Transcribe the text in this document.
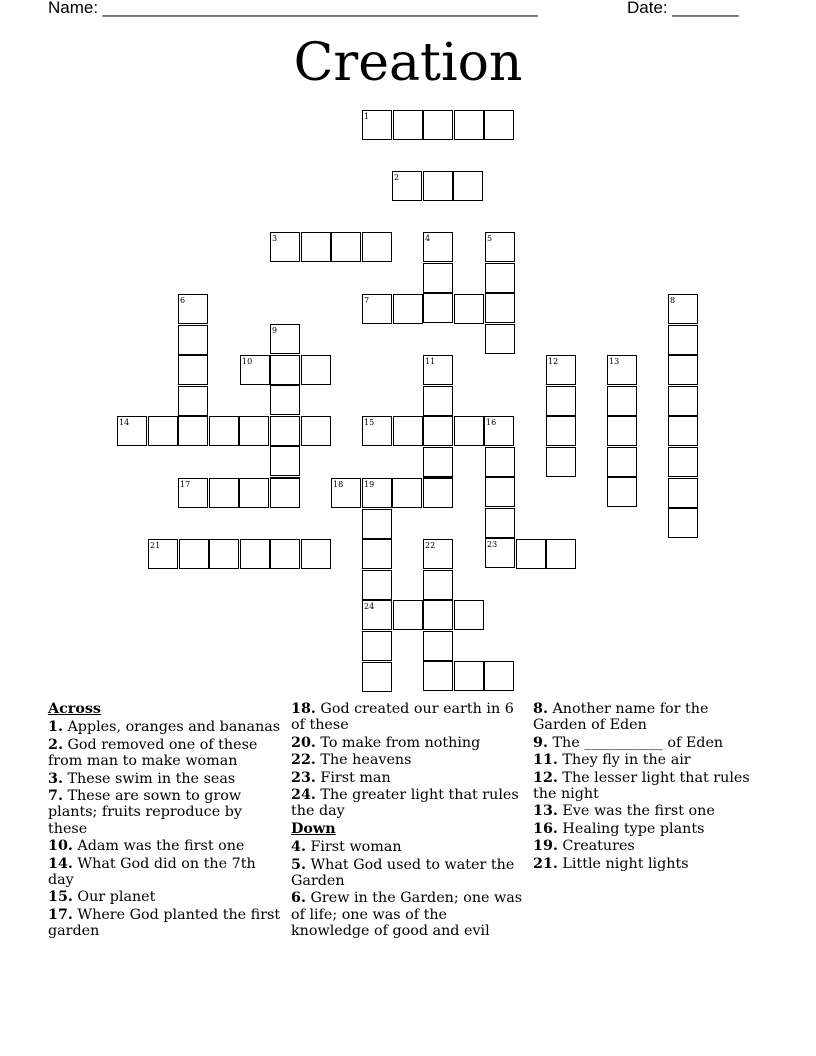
Name: ______________________________________________	Date: _______
Creation
1
2
3	4	5
6	7	8
9
10	11	12	13
14	15	16
23
17	18	19
24
21	22
Across
1. Apples, oranges and bananas
2. God removed one of these from man to make woman
3. These swim in the seas
7. These are sown to grow plants; fruits reproduce by these
10. Adam was the first one
14. What God did on the 7th day
15. Our planet
17. Where God planted the first garden
18. God created our earth in 6 of these
20. To make from nothing
22. The heavens
23. First man
24. The greater light that rules the day
Down
4. First woman
5. What God used to water the Garden
6. Grew in the Garden; one was of life; one was of the knowledge of good and evil
8. Another name for the Garden of Eden
9. The ___________ of Eden
11. They fly in the air
12. The lesser light that rules the night
13. Eve was the first one
16. Healing type plants
19. Creatures
21. Little night lights
